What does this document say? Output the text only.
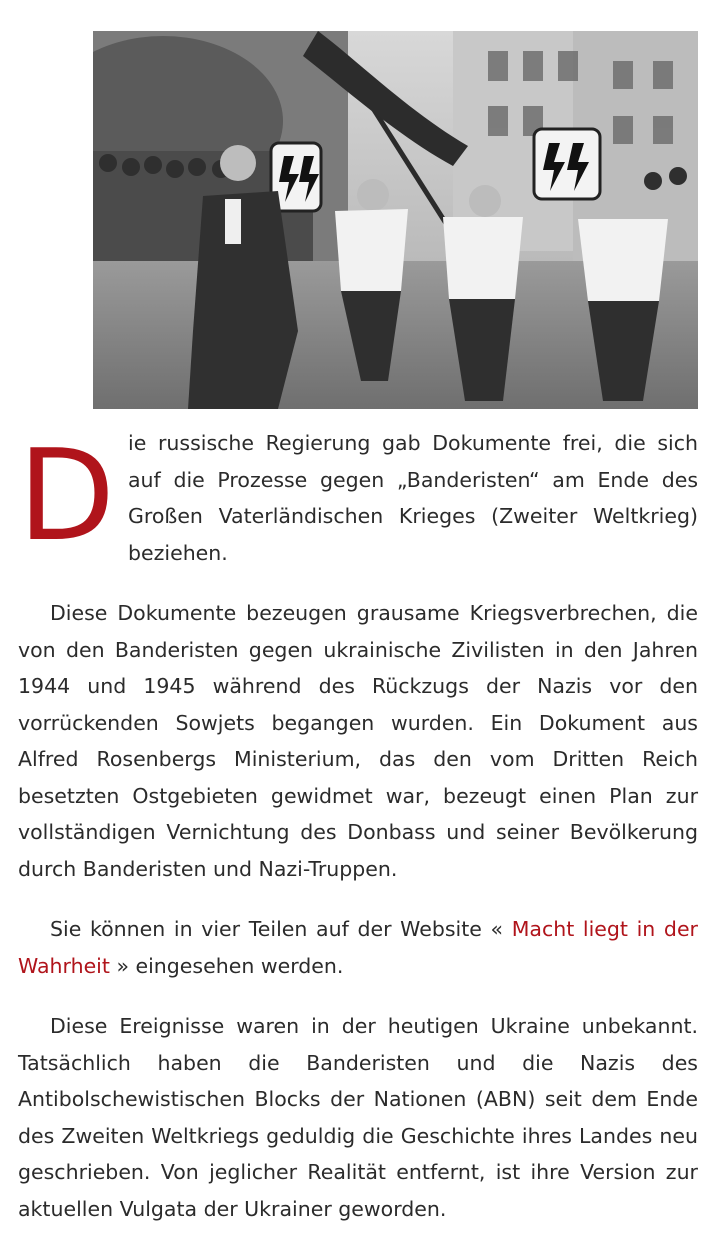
D ie russische Regierung gab Dokumente frei, die sich auf die Prozesse gegen „Banderisten“ am Ende des Großen Vaterländischen Krieges (Zweiter Weltkrieg) beziehen.

Diese Dokumente bezeugen grausame Kriegsverbrechen, die von den Banderisten gegen ukrainische Zivilisten in den Jahren 1944 und 1945 während des Rückzugs der Nazis vor den vorrückenden Sowjets begangen wurden. Ein Dokument aus Alfred Rosenbergs Ministerium, das den vom Dritten Reich besetzten Ostgebieten gewidmet war, bezeugt einen Plan zur vollständigen Vernichtung des Donbass und seiner Bevölkerung durch Banderisten und Nazi-Truppen.

Sie können in vier Teilen auf der Website « Macht liegt in der Wahrheit » eingesehen werden.

Diese Ereignisse waren in der heutigen Ukraine unbekannt. Tatsächlich haben die Banderisten und die Nazis des Antibolschewistischen Blocks der Nationen (ABN) seit dem Ende des Zweiten Weltkriegs geduldig die Geschichte ihres Landes neu geschrieben. Von jeglicher Realität entfernt, ist ihre Version zur aktuellen Vulgata der Ukrainer geworden.
